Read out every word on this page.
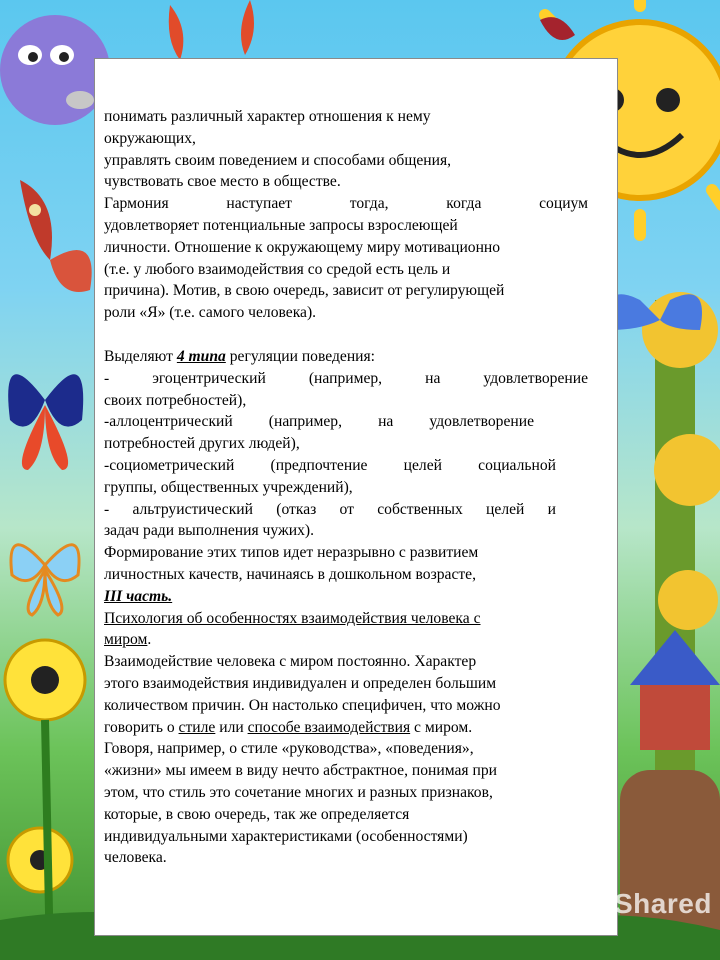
понимать различный характер отношения к нему

окружающих,

управлять своим поведением и способами общения,

чувствовать свое место в обществе.

Гармония наступает тогда, когда социум

удовлетворяет потенциальные запросы взрослеющей

личности. Отношение к окружающему миру мотивационно

(т.е. у любого взаимодействия со средой есть цель и

причина). Мотив, в свою очередь, зависит от регулирующей

роли «Я» (т.е. самого человека).

Выделяют 4 типа регуляции поведения:

- эгоцентрический (например, на удовлетворение

своих потребностей),

-аллоцентрический (например, на удовлетворение

потребностей других людей),

-социометрический (предпочтение целей социальной

группы, общественных учреждений),

- альтруистический (отказ от собственных целей и

задач ради выполнения чужих).

Формирование этих типов идет неразрывно с развитием

личностных качеств, начинаясь в дошкольном возрасте,

III часть.

Психология об особенностях взаимодействия человека с

миром.

Взаимодействие человека с миром постоянно. Характер

этого взаимодействия индивидуален и определен большим

количеством причин. Он настолько специфичен, что можно

говорить о стиле или способе взаимодействия с миром.

Говоря, например, о стиле «руководства», «поведения»,

«жизни» мы имеем в виду нечто абстрактное, понимая при

этом, что стиль это сочетание многих и разных признаков,

которые, в свою очередь, так же определяется

индивидуальными характеристиками (особенностями)

человека.

Shared
